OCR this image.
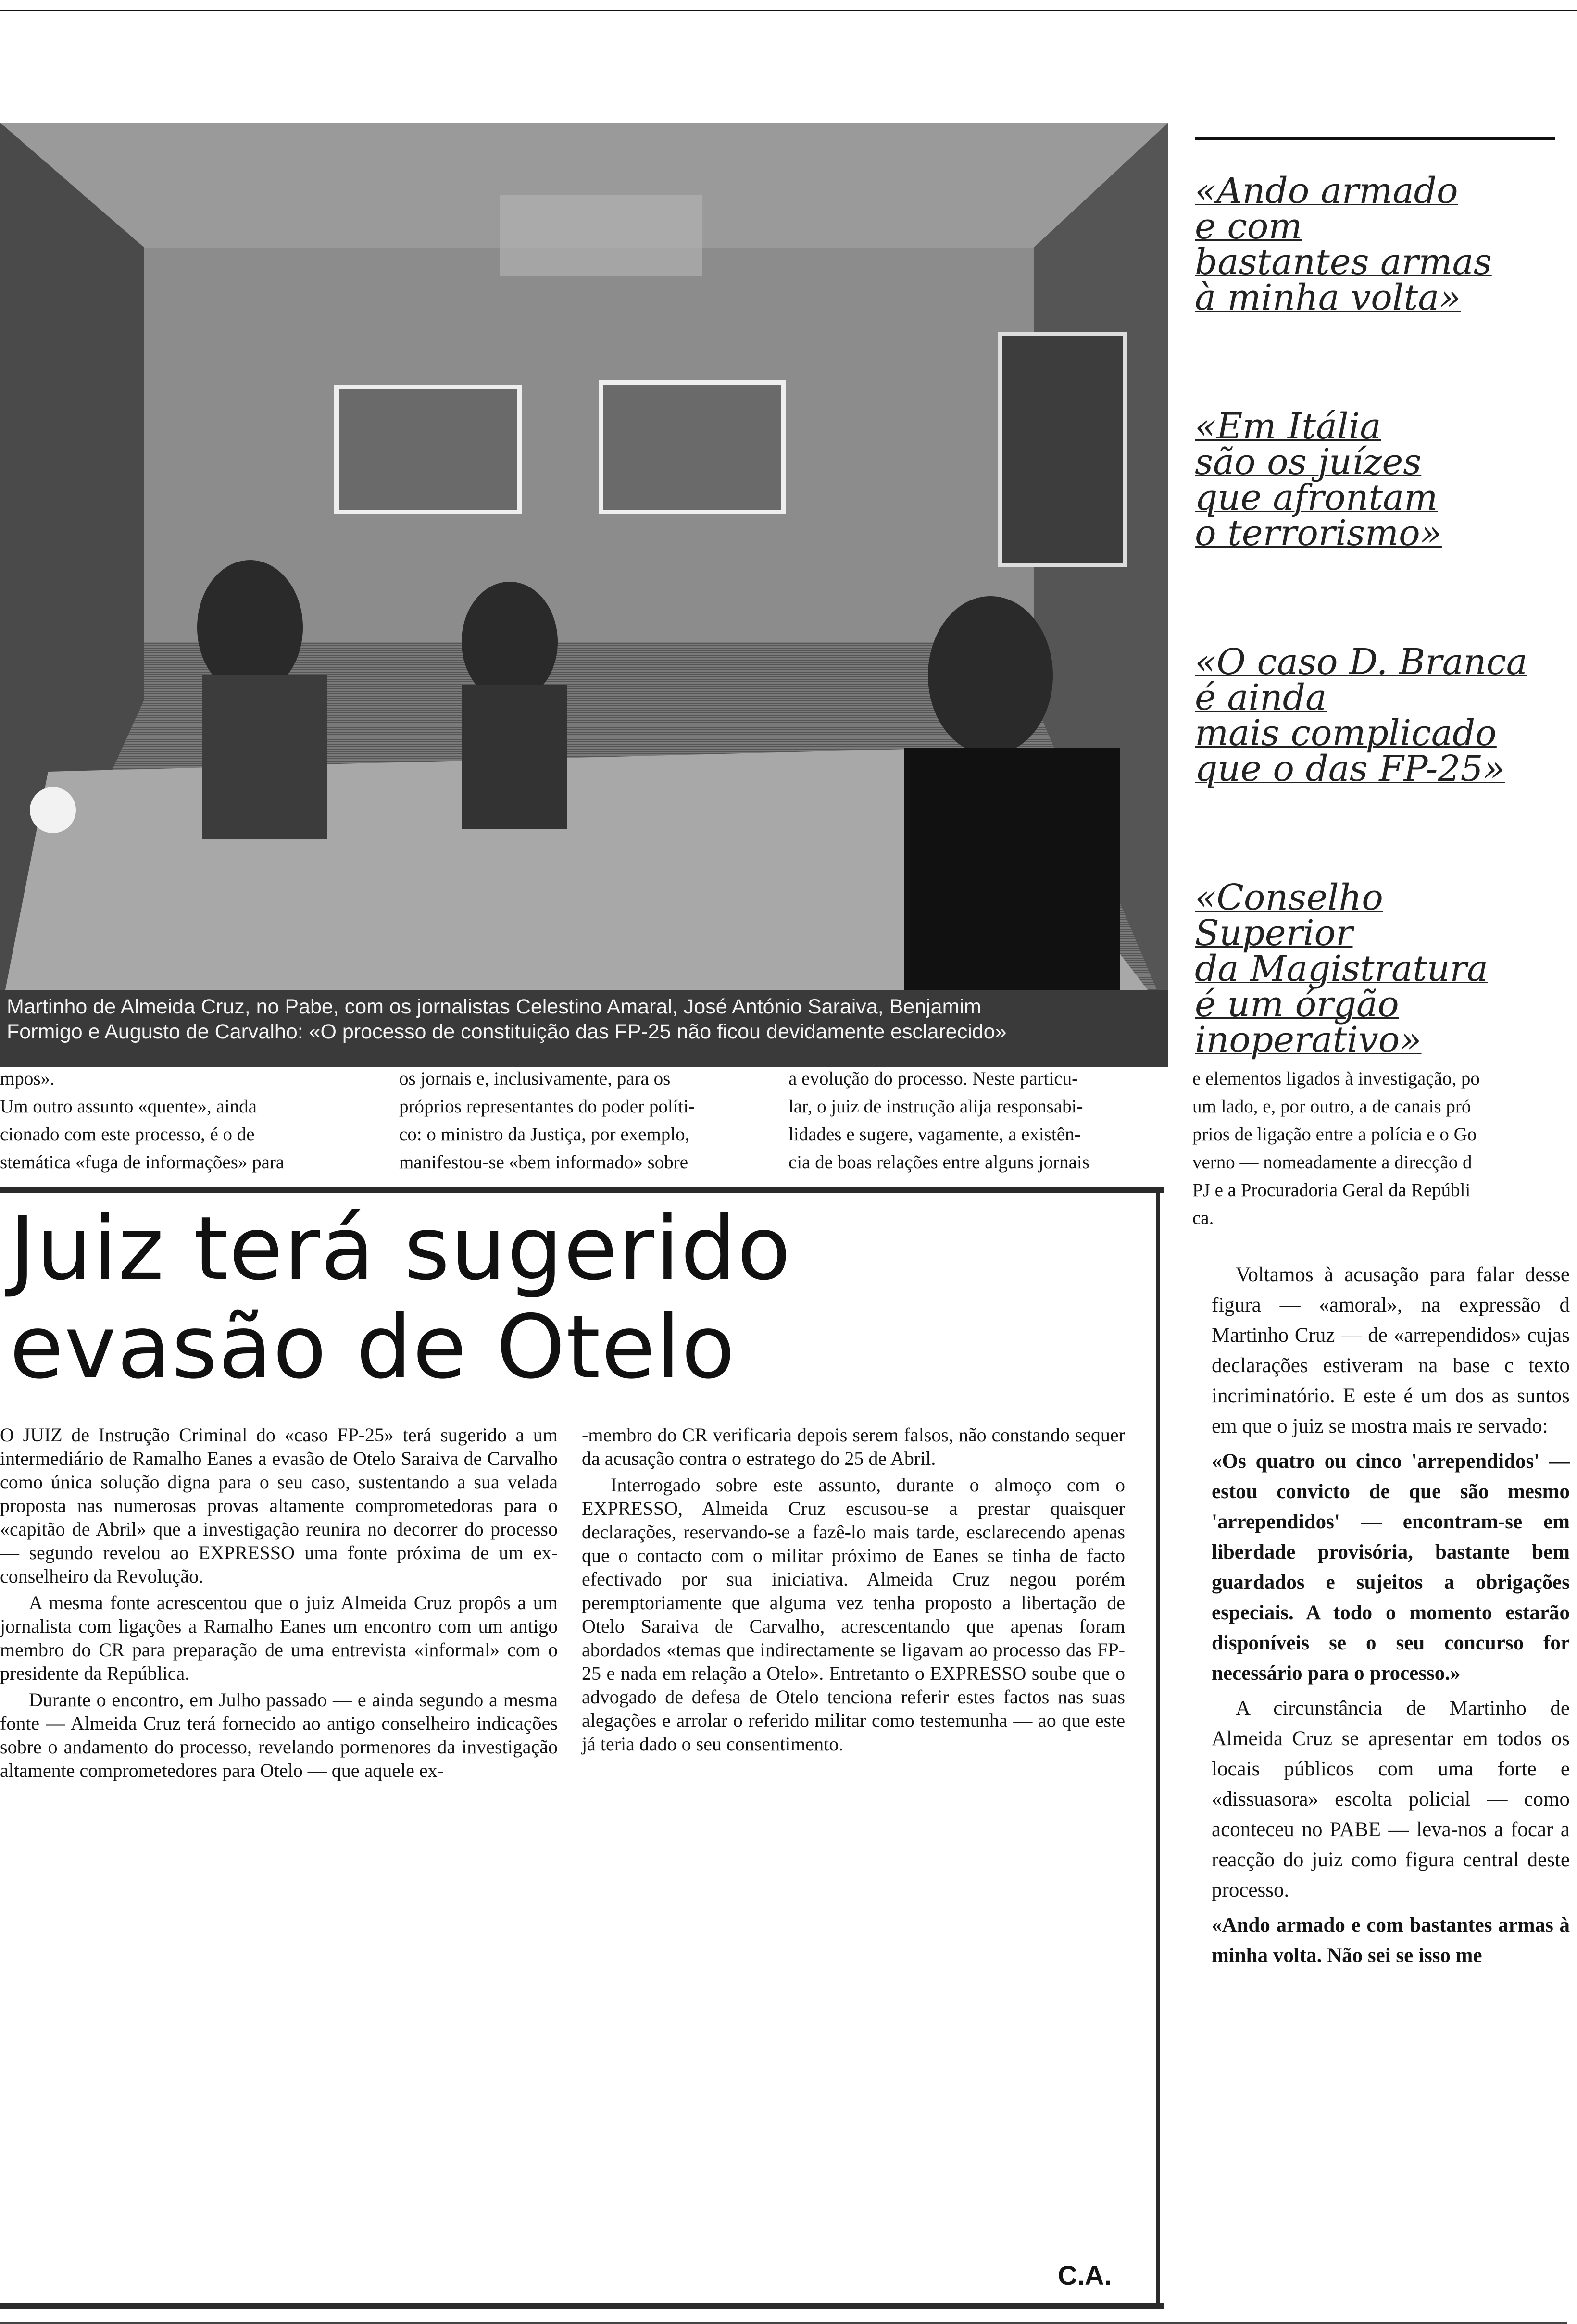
Martinho de Almeida Cruz, no Pabe, com os jornalistas Celestino Amaral, José António Saraiva, Benjamim
Formigo e Augusto de Carvalho: «O processo de constituição das FP-25 não ficou devidamente esclarecido»
«Ando armado
e com
bastantes armas
à minha volta»
«Em Itália
são os juízes
que afrontam
o terrorismo»
«O caso D. Branca
é ainda
mais complicado
que o das FP-25»
«Conselho Superior
da Magistratura
é um órgão
inoperativo»
mpos».
Um outro assunto «quente», ainda
cionado com este processo, é o de
stemática «fuga de informações» para
os jornais e, inclusivamente, para os
próprios representantes do poder políti-
co: o ministro da Justiça, por exemplo,
manifestou-se «bem informado» sobre
a evolução do processo. Neste particu-
lar, o juiz de instrução alija responsabi-
lidades e sugere, vagamente, a existên-
cia de boas relações entre alguns jornais
e elementos ligados à investigação, po
um lado, e, por outro, a de canais pró
prios de ligação entre a polícia e o Go
verno — nomeadamente a direcção d
PJ e a Procuradoria Geral da Repúbli
ca.
Juiz terá sugerido
evasão de Otelo

O JUIZ de Instrução Criminal do «caso FP-25» terá sugerido a um intermediário de Ramalho Eanes a evasão de Otelo Saraiva de Carvalho como única solução digna para o seu caso, sustentando a sua velada proposta nas numerosas provas altamente comprometedoras para o «capitão de Abril» que a investigação reunira no decorrer do processo — segundo revelou ao EXPRESSO uma fonte próxima de um ex-conselheiro da Revolução.

A mesma fonte acrescentou que o juiz Almeida Cruz propôs a um jornalista com ligações a Ramalho Eanes um encontro com um antigo membro do CR para preparação de uma entrevista «informal» com o presidente da República.

Durante o encontro, em Julho passado — e ainda segundo a mesma fonte — Almeida Cruz terá fornecido ao antigo conselheiro indicações sobre o andamento do processo, revelando pormenores da investigação altamente comprometedores para Otelo — que aquele ex-

-membro do CR verificaria depois serem falsos, não constando sequer da acusação contra o estratego do 25 de Abril.

Interrogado sobre este assunto, durante o almoço com o EXPRESSO, Almeida Cruz escusou-se a prestar quaisquer declarações, reservando-se a fazê-lo mais tarde, esclarecendo apenas que o contacto com o militar próximo de Eanes se tinha de facto efectivado por sua iniciativa. Almeida Cruz negou porém peremptoriamente que alguma vez tenha proposto a libertação de Otelo Saraiva de Carvalho, acrescentando que apenas foram abordados «temas que indirectamente se ligavam ao processo das FP-25 e nada em relação a Otelo». Entretanto o EXPRESSO soube que o advogado de defesa de Otelo tenciona referir estes factos nas suas alegações e arrolar o referido militar como testemunha — ao que este já teria dado o seu consentimento.

C.A.

Voltamos à acusação para falar desse figura — «amoral», na expressão d Martinho Cruz — de «arrependidos» cujas declarações estiveram na base c texto incriminatório. E este é um dos as suntos em que o juiz se mostra mais re servado:

«Os quatro ou cinco 'arrependidos' — estou convicto de que são mesmo 'arrependidos' — encontram-se em liberdade provisória, bastante bem guardados e sujeitos a obrigações especiais. A todo o momento estarão disponíveis se o seu concurso for necessário para o processo.»

A circunstância de Martinho de Almeida Cruz se apresentar em todos os locais públicos com uma forte e «dissuasora» escolta policial — como aconteceu no PABE — leva-nos a focar a reacção do juiz como figura central deste processo.

«Ando armado e com bastantes armas à minha volta. Não sei se isso me
